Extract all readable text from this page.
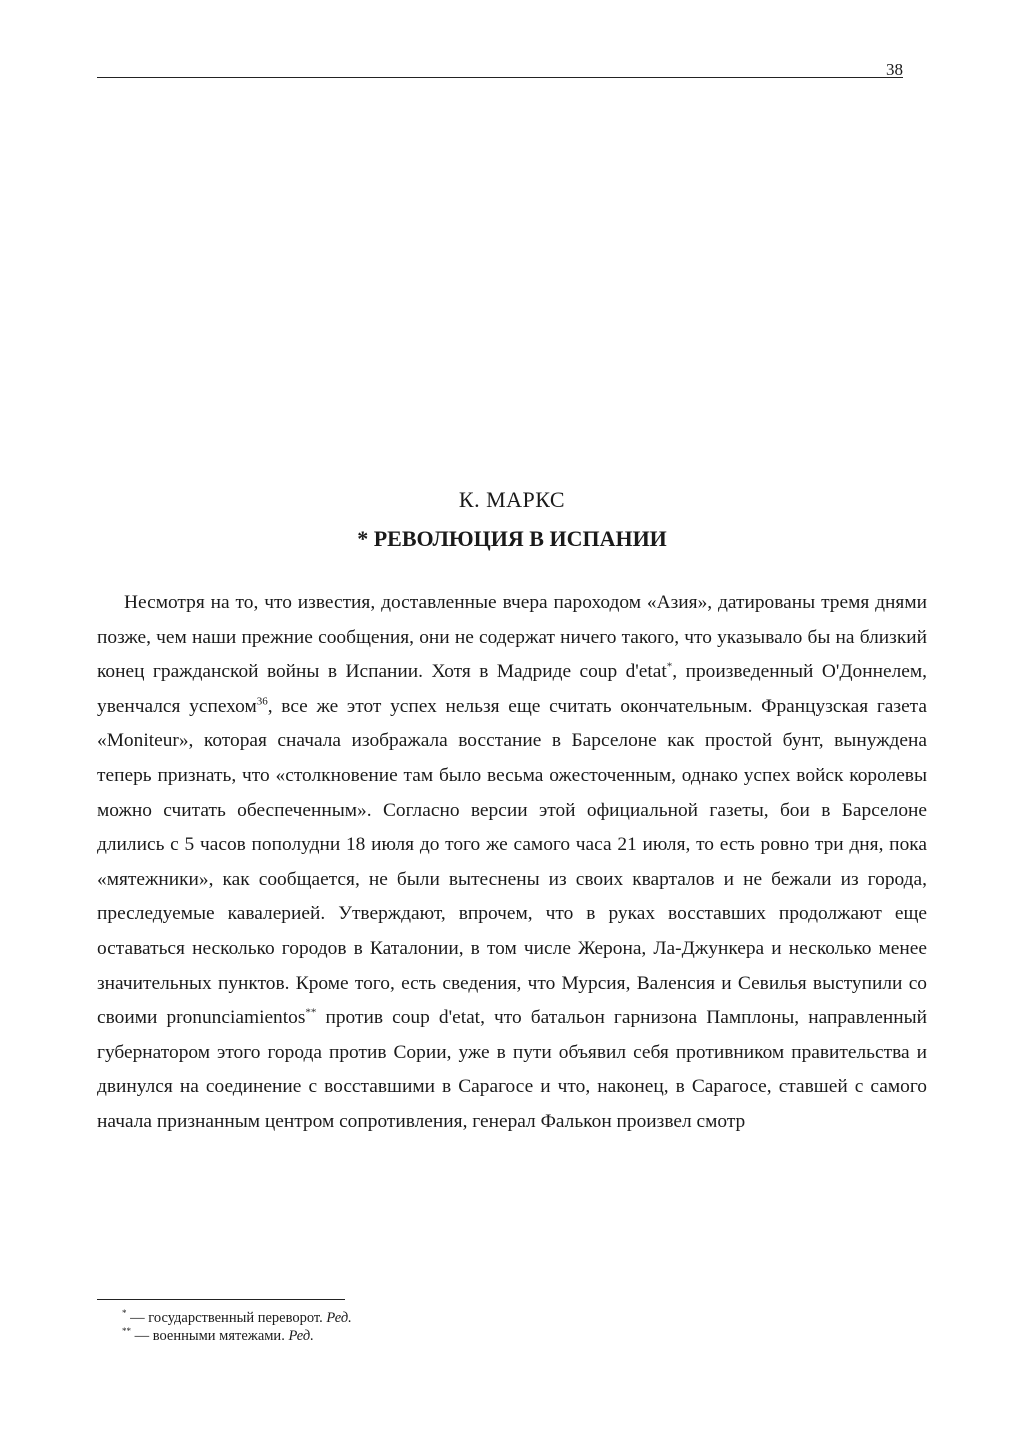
38
К. МАРКС
* РЕВОЛЮЦИЯ В ИСПАНИИ

Несмотря на то, что известия, доставленные вчера пароходом «Азия», датированы тремя днями позже, чем наши прежние сообщения, они не содержат ничего такого, что указывало бы на близкий конец гражданской войны в Испании. Хотя в Мадриде coup d'etat*, произведенный О'Доннелем, увенчался успехом$^{36}$, все же этот успех нельзя еще считать окончательным. Французская газета «Moniteur», которая сначала изображала восстание в Барселоне как простой бунт, вынуждена теперь признать, что «столкновение там было весьма ожесточенным, однако успех войск королевы можно считать обеспеченным». Согласно версии этой официальной газеты, бои в Барселоне длились с 5 часов пополудни 18 июля до того же самого часа 21 июля, то есть ровно три дня, пока «мятежники», как сообщается, не были вытеснены из своих кварталов и не бежали из города, преследуемые кавалерией. Утверждают, впрочем, что в руках восставших продолжают еще оставаться несколько городов в Каталонии, в том числе Жерона, Ла-Джункера и несколько менее значительных пунктов. Кроме того, есть сведения, что Мурсия, Валенсия и Севилья выступили со своими pronunciamientos** против coup d'etat, что батальон гарнизона Памплоны, направленный губернатором этого города против Сории, уже в пути объявил себя противником правительства и двинулся на соединение с восставшими в Сарагосе и что, наконец, в Сарагосе, ставшей с самого начала признанным центром сопротивления, генерал Фалькон произвел смотр

* — государственный переворот. Ред.
** — военными мятежами. Ред.
